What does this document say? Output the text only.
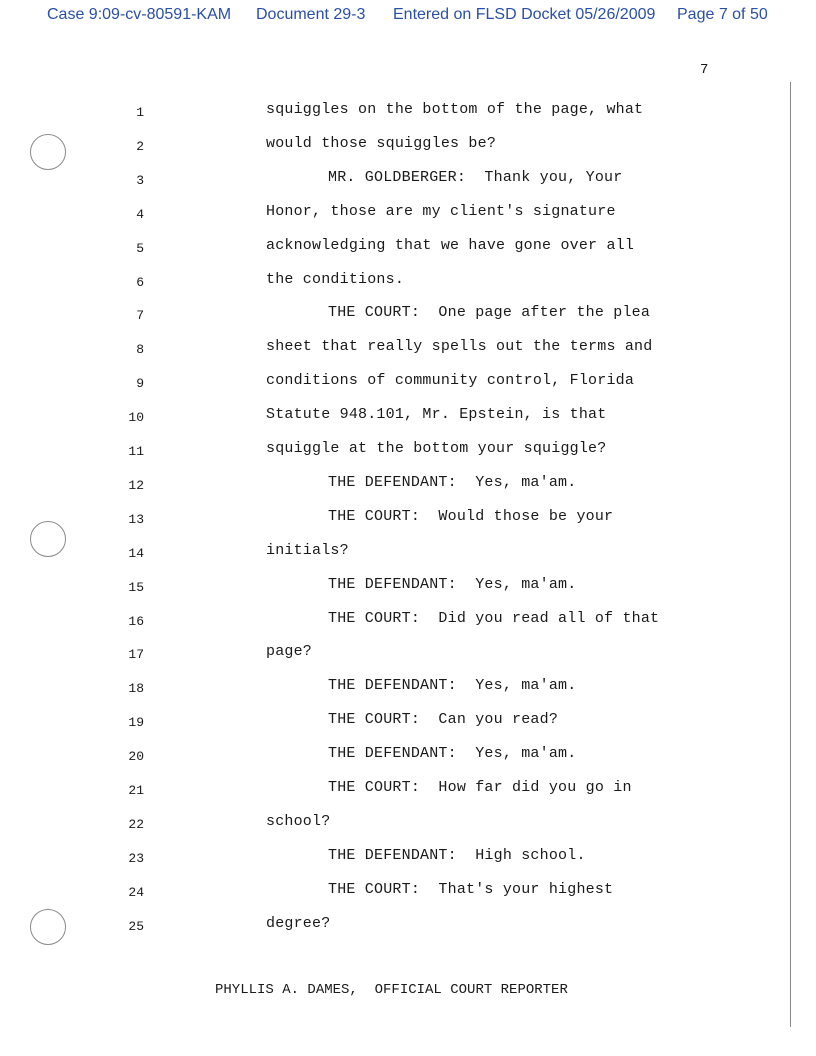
Case 9:09-cv-80591-KAM Document 29-3 Entered on FLSD Docket 05/26/2009 Page 7 of 50
7
1	squiggles on the bottom of the page, what
2	would those squiggles be?
3	MR. GOLDBERGER:  Thank you, Your
4	Honor, those are my client's signature
5	acknowledging that we have gone over all
6	the conditions.
7	THE COURT:  One page after the plea
8	sheet that really spells out the terms and
9	conditions of community control, Florida
10	Statute 948.101, Mr. Epstein, is that
11	squiggle at the bottom your squiggle?
12	THE DEFENDANT:  Yes, ma'am.
13	THE COURT:  Would those be your
14	initials?
15	THE DEFENDANT:  Yes, ma'am.
16	THE COURT:  Did you read all of that
17	page?
18	THE DEFENDANT:  Yes, ma'am.
19	THE COURT:  Can you read?
20	THE DEFENDANT:  Yes, ma'am.
21	THE COURT:  How far did you go in
22	school?
23	THE DEFENDANT:  High school.
24	THE COURT:  That's your highest
25	degree?
PHYLLIS A. DAMES,  OFFICIAL COURT REPORTER
